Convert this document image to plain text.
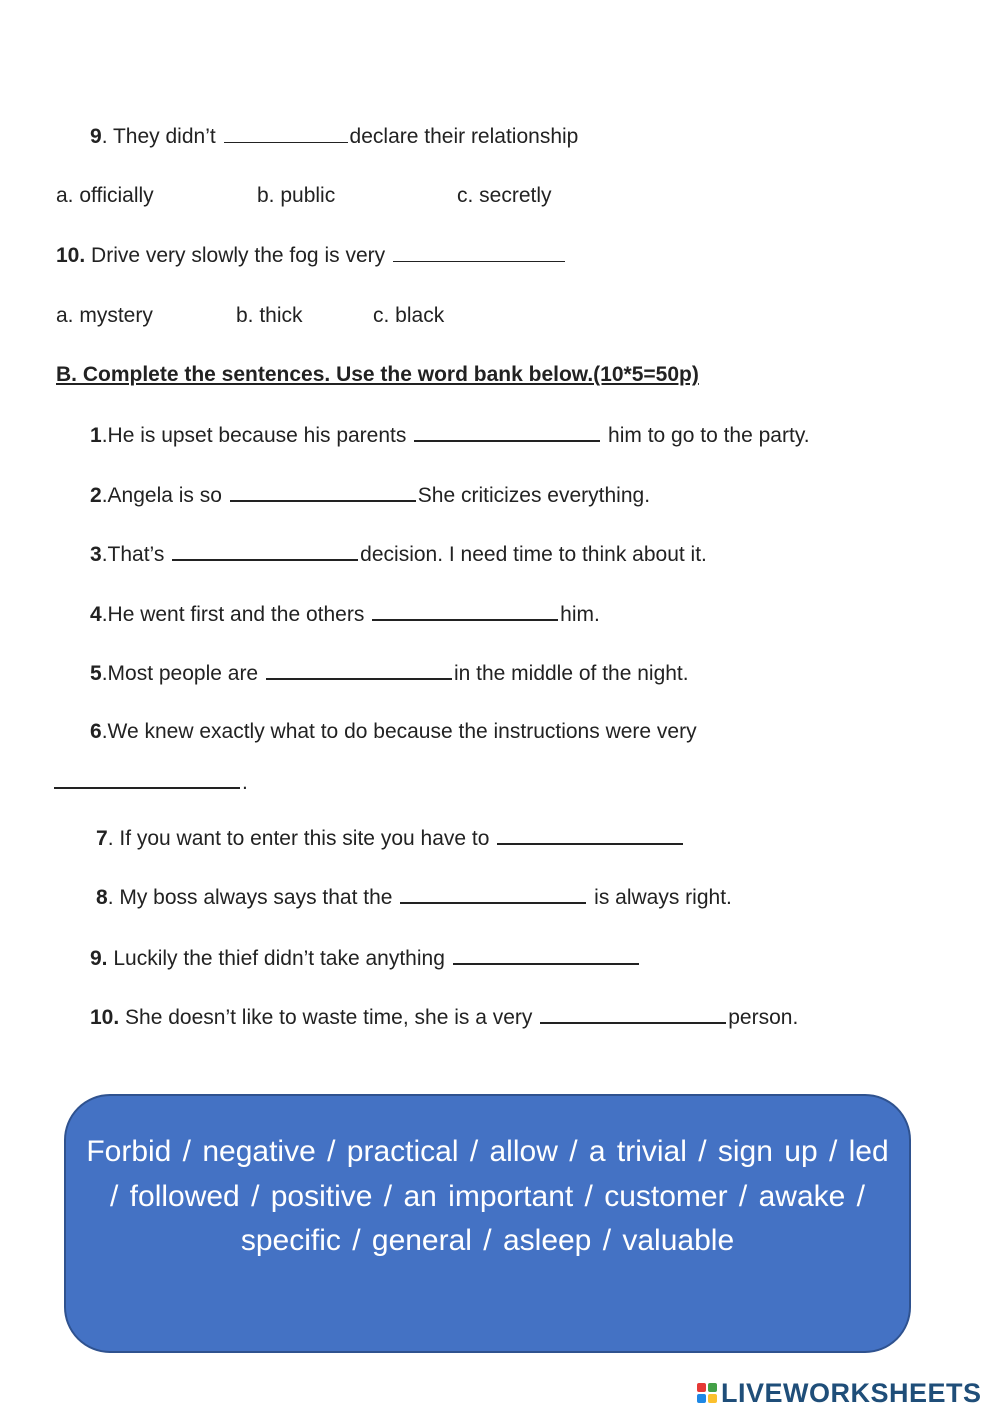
9. They didn’t	declare their relationship
a. officially	b. public	c. secretly
10. Drive very slowly the fog is very
a. mystery	b. thick	c. black
B. Complete the sentences. Use the word bank below.(10*5=50p)
1.He is upset because his parents	him to go to the party.
2.Angela is so	She criticizes everything.
3.That’s	decision. I need time to think about it.
4.He went first and the others	him.
5.Most people are	in the middle of the night.
6.We knew exactly what to do because the instructions were very
.
7. If you want to enter this site you have to
8. My boss always says that the	is always right.
9. Luckily the thief didn’t take anything
10. She doesn’t like to waste time, she is a very	person.
Forbid / negative / practical / allow / a trivial / sign up / led / followed / positive / an important / customer / awake / specific / general / asleep / valuable
LIVEWORKSHEETS
